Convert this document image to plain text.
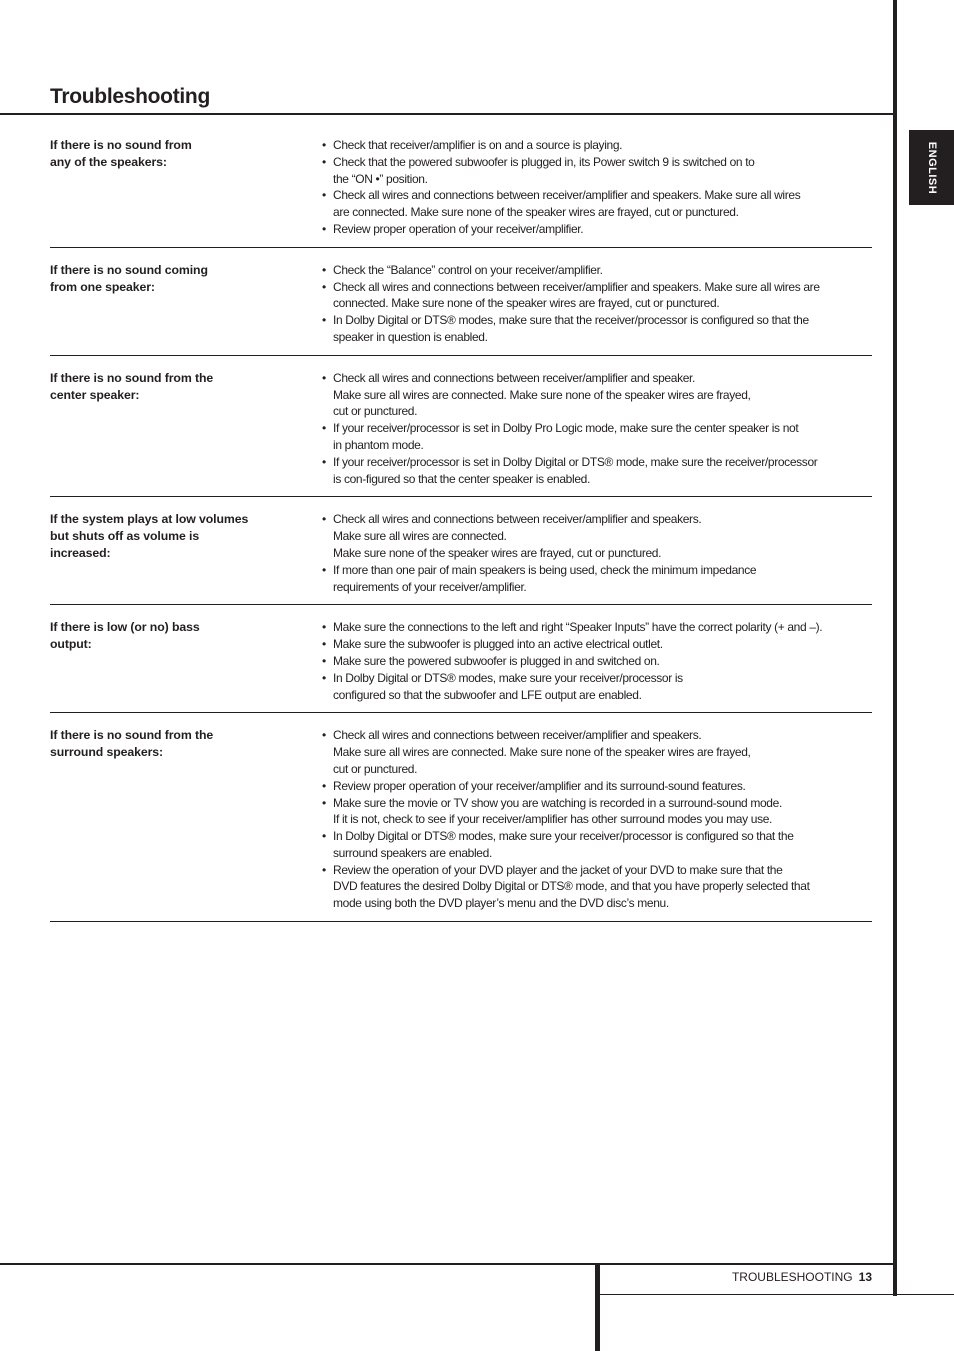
ENGLISH
Troubleshooting
If there is no sound from
any of the speakers:
• Check that receiver/amplifier is on and a source is playing.
• Check that the powered subwoofer is plugged in, its Power switch 9 is switched on to
the “ON •” position.
• Check all wires and connections between receiver/amplifier and speakers. Make sure all wires
are connected. Make sure none of the speaker wires are frayed, cut or punctured.
• Review proper operation of your receiver/amplifier.
If there is no sound coming
from one speaker:
• Check the “Balance” control on your receiver/amplifier.
• Check all wires and connections between receiver/amplifier and speakers. Make sure all wires are
connected. Make sure none of the speaker wires are frayed, cut or punctured.
• In Dolby Digital or DTS® modes, make sure that the receiver/processor is configured so that the
speaker in question is enabled.
If there is no sound from the
center speaker:
• Check all wires and connections between receiver/amplifier and speaker.
Make sure all wires are connected. Make sure none of the speaker wires are frayed,
cut or punctured.
• If your receiver/processor is set in Dolby Pro Logic mode, make sure the center speaker is not
in phantom mode.
• If your receiver/processor is set in Dolby Digital or DTS® mode, make sure the receiver/processor
is con-figured so that the center speaker is enabled.
If the system plays at low volumes
but shuts off as volume is
increased:
• Check all wires and connections between receiver/amplifier and speakers.
Make sure all wires are connected.
Make sure none of the speaker wires are frayed, cut or punctured.
• If more than one pair of main speakers is being used, check the minimum impedance
requirements of your receiver/amplifier.
If there is low (or no) bass
output:
• Make sure the connections to the left and right “Speaker Inputs” have the correct polarity (+ and –).
• Make sure the subwoofer is plugged into an active electrical outlet.
• Make sure the powered subwoofer is plugged in and switched on.
• In Dolby Digital or DTS® modes, make sure your receiver/processor is
configured so that the subwoofer and LFE output are enabled.
If there is no sound from the
surround speakers:
• Check all wires and connections between receiver/amplifier and speakers.
Make sure all wires are connected. Make sure none of the speaker wires are frayed,
cut or punctured.
• Review proper operation of your receiver/amplifier and its surround-sound features.
• Make sure the movie or TV show you are watching is recorded in a surround-sound mode.
If it is not, check to see if your receiver/amplifier has other surround modes you may use.
• In Dolby Digital or DTS® modes, make sure your receiver/processor is configured so that the
surround speakers are enabled.
• Review the operation of your DVD player and the jacket of your DVD to make sure that the
DVD features the desired Dolby Digital or DTS® mode, and that you have properly selected that
mode using both the DVD player’s menu and the DVD disc’s menu.
TROUBLESHOOTING 13
